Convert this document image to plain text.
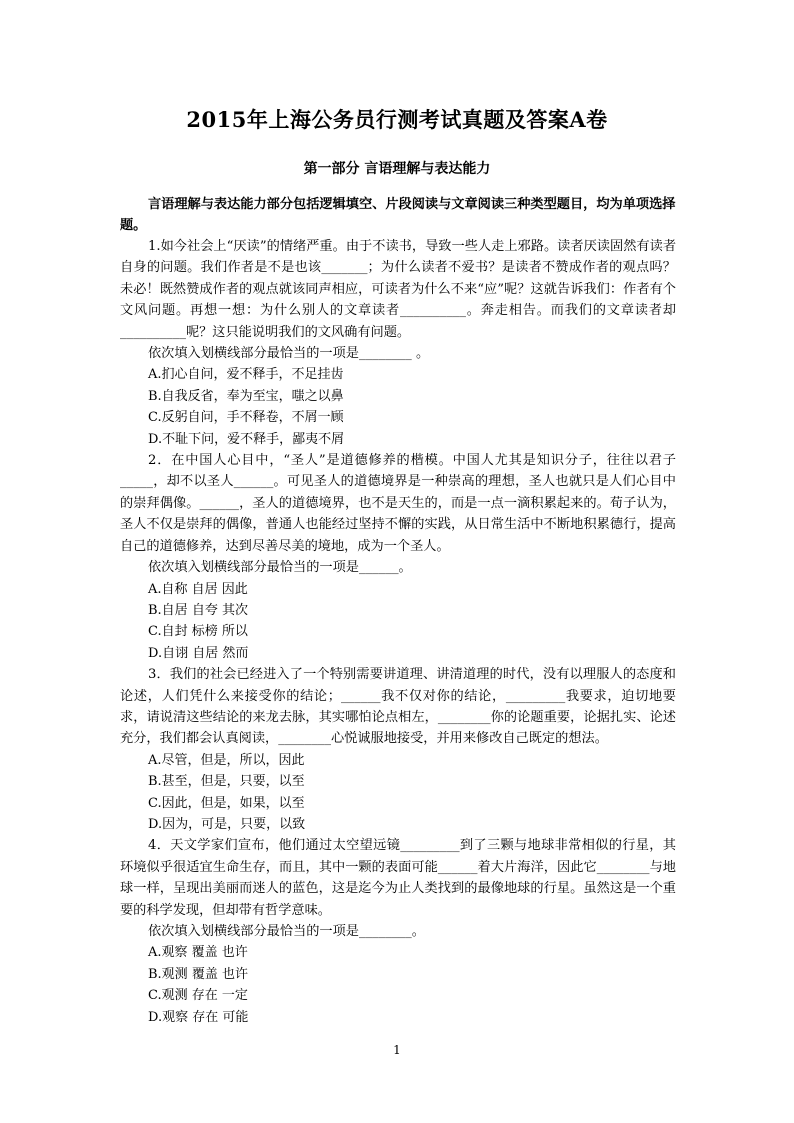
2015年上海公务员行测考试真题及答案A卷
第一部分 言语理解与表达能力

言语理解与表达能力部分包括逻辑填空、片段阅读与文章阅读三种类型题目，均为单项选择题。

1.如今社会上“厌读”的情绪严重。由于不读书，导致一些人走上邪路。读者厌读固然有读者自身的问题。我们作者是不是也该_______；为什么读者不爱书？是读者不赞成作者的观点吗？未必！既然赞成作者的观点就该同声相应，可读者为什么不来“应”呢？这就告诉我们：作者有个文风问题。再想一想：为什么别人的文章读者__________。奔走相告。而我们的文章读者却__________呢？这只能说明我们的文风确有问题。

依次填入划横线部分最恰当的一项是________ 。

A.扪心自问，爱不释手，不足挂齿

B.自我反省，奉为至宝，嗤之以鼻

C.反躬自问，手不释卷，不屑一顾

D.不耻下问，爱不释手，鄙夷不屑

2．在中国人心目中，“圣人”是道德修养的楷模。中国人尤其是知识分子，往往以君子_____，却不以圣人______。可见圣人的道德境界是一种崇高的理想，圣人也就只是人们心目中的崇拜偶像。______，圣人的道德境界，也不是天生的，而是一点一滴积累起来的。荀子认为，圣人不仅是崇拜的偶像，普通人也能经过坚持不懈的实践，从日常生活中不断地积累德行，提高自己的道德修养，达到尽善尽美的境地，成为一个圣人。

依次填入划横线部分最恰当的一项是______。

A.自称 自居 因此

B.自居 自夸 其次

C.自封 标榜 所以

D.自诩 自居 然而

3．我们的社会已经进入了一个特别需要讲道理、讲清道理的时代，没有以理服人的态度和论述，人们凭什么来接受你的结论；______我不仅对你的结论，_________我要求，迫切地要求，请说清这些结论的来龙去脉，其实哪怕论点相左，________你的论题重要，论据扎实、论述充分，我们都会认真阅读，________心悦诚服地接受，并用来修改自己既定的想法。

A.尽管，但是，所以，因此

B.甚至，但是，只要，以至

C.因此，但是，如果，以至

D.因为，可是，只要，以致

4．天文学家们宣布，他们通过太空望远镜_________到了三颗与地球非常相似的行星，其环境似乎很适宜生命生存，而且，其中一颗的表面可能______着大片海洋，因此它________与地球一样，呈现出美丽而迷人的蓝色，这是迄今为止人类找到的最像地球的行星。虽然这是一个重要的科学发现，但却带有哲学意味。

依次填入划横线部分最恰当的一项是________。

A.观察 覆盖 也许

B.观测 覆盖 也许

C.观测 存在 一定

D.观察 存在 可能

1
